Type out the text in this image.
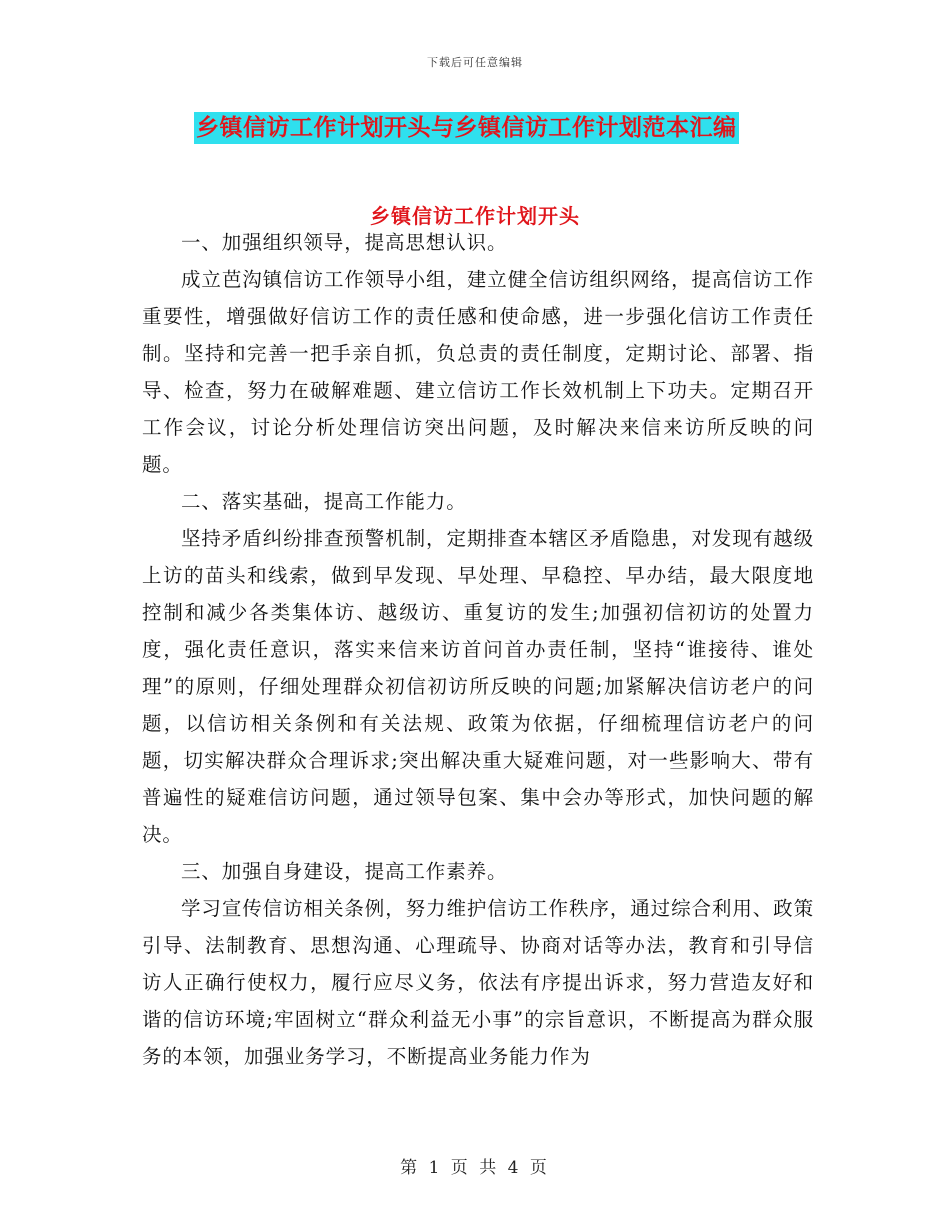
下载后可任意编辑
乡镇信访工作计划开头与乡镇信访工作计划范本汇编
乡镇信访工作计划开头

一、加强组织领导，提高思想认识。

成立芭沟镇信访工作领导小组，建立健全信访组织网络，提高信访工作重要性，增强做好信访工作的责任感和使命感，进一步强化信访工作责任制。坚持和完善一把手亲自抓，负总责的责任制度，定期讨论、部署、指导、检查，努力在破解难题、建立信访工作长效机制上下功夫。定期召开工作会议，讨论分析处理信访突出问题，及时解决来信来访所反映的问题。

二、落实基础，提高工作能力。

坚持矛盾纠纷排查预警机制，定期排查本辖区矛盾隐患，对发现有越级上访的苗头和线索，做到早发现、早处理、早稳控、早办结，最大限度地控制和减少各类集体访、越级访、重复访的发生;加强初信初访的处置力度，强化责任意识，落实来信来访首问首办责任制，坚持“谁接待、谁处理”的原则，仔细处理群众初信初访所反映的问题;加紧解决信访老户的问题，以信访相关条例和有关法规、政策为依据，仔细梳理信访老户的问题，切实解决群众合理诉求;突出解决重大疑难问题，对一些影响大、带有普遍性的疑难信访问题，通过领导包案、集中会办等形式，加快问题的解决。

三、加强自身建设，提高工作素养。

学习宣传信访相关条例，努力维护信访工作秩序，通过综合利用、政策引导、法制教育、思想沟通、心理疏导、协商对话等办法，教育和引导信访人正确行使权力，履行应尽义务，依法有序提出诉求，努力营造友好和谐的信访环境;牢固树立“群众利益无小事”的宗旨意识，不断提高为群众服务的本领，加强业务学习，不断提高业务能力作为

第 1 页 共 4 页
